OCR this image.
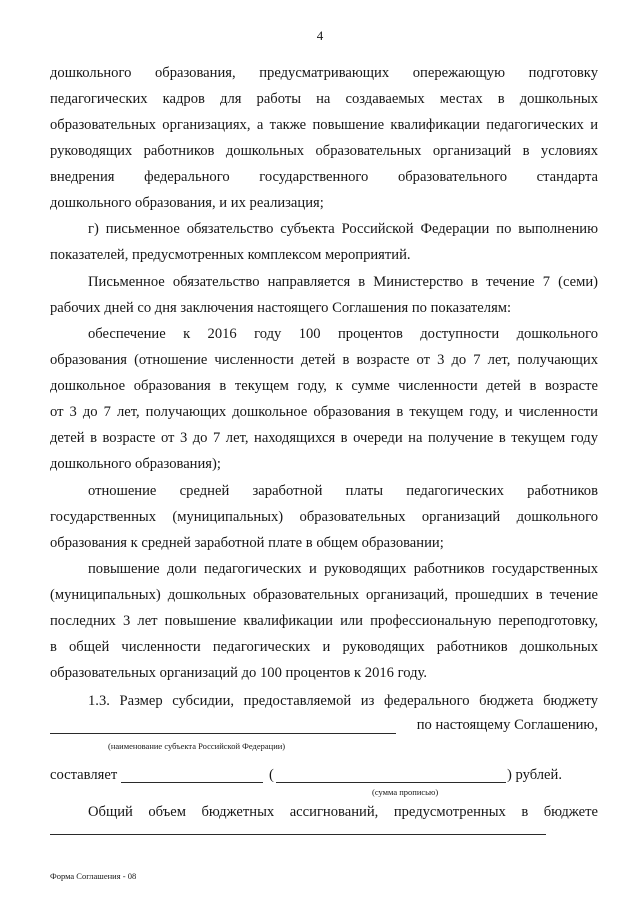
4
дошкольного образования, предусматривающих опережающую подготовку
педагогических кадров для работы на создаваемых местах в дошкольных
образовательных организациях, а также повышение квалификации педагогических и
руководящих работников дошкольных образовательных организаций в условиях
внедрения федерального государственного образовательного стандарта
дошкольного образования, и их реализация;
г) письменное обязательство субъекта Российской Федерации по выполнению
показателей, предусмотренных комплексом мероприятий.
Письменное обязательство направляется в Министерство в течение 7 (семи)
рабочих дней со дня заключения настоящего Соглашения по показателям:
обеспечение к 2016 году 100 процентов доступности дошкольного
образования (отношение численности детей в возрасте от 3 до 7 лет, получающих
дошкольное образования в текущем году, к сумме численности детей в возрасте
от 3 до 7 лет, получающих дошкольное образования в текущем году, и численности
детей в возрасте от 3 до 7 лет, находящихся в очереди на получение в текущем году
дошкольного образования);
отношение средней заработной платы педагогических работников
государственных (муниципальных) образовательных организаций дошкольного
образования к средней заработной плате в общем образовании;
повышение доли педагогических и руководящих работников государственных
(муниципальных) дошкольных образовательных организаций, прошедших в течение
последних 3 лет повышение квалификации или профессиональную переподготовку,
в общей численности педагогических и руководящих работников дошкольных
образовательных организаций до 100 процентов к 2016 году.
1.3. Размер субсидии, предоставляемой из федерального бюджета бюджету
по настоящему Соглашению,
(наименование субъекта Российской Федерации)
составляет	(	) рублей.
(сумма прописью)
Общий объем бюджетных ассигнований, предусмотренных в бюджете
Форма Соглашения - 08
